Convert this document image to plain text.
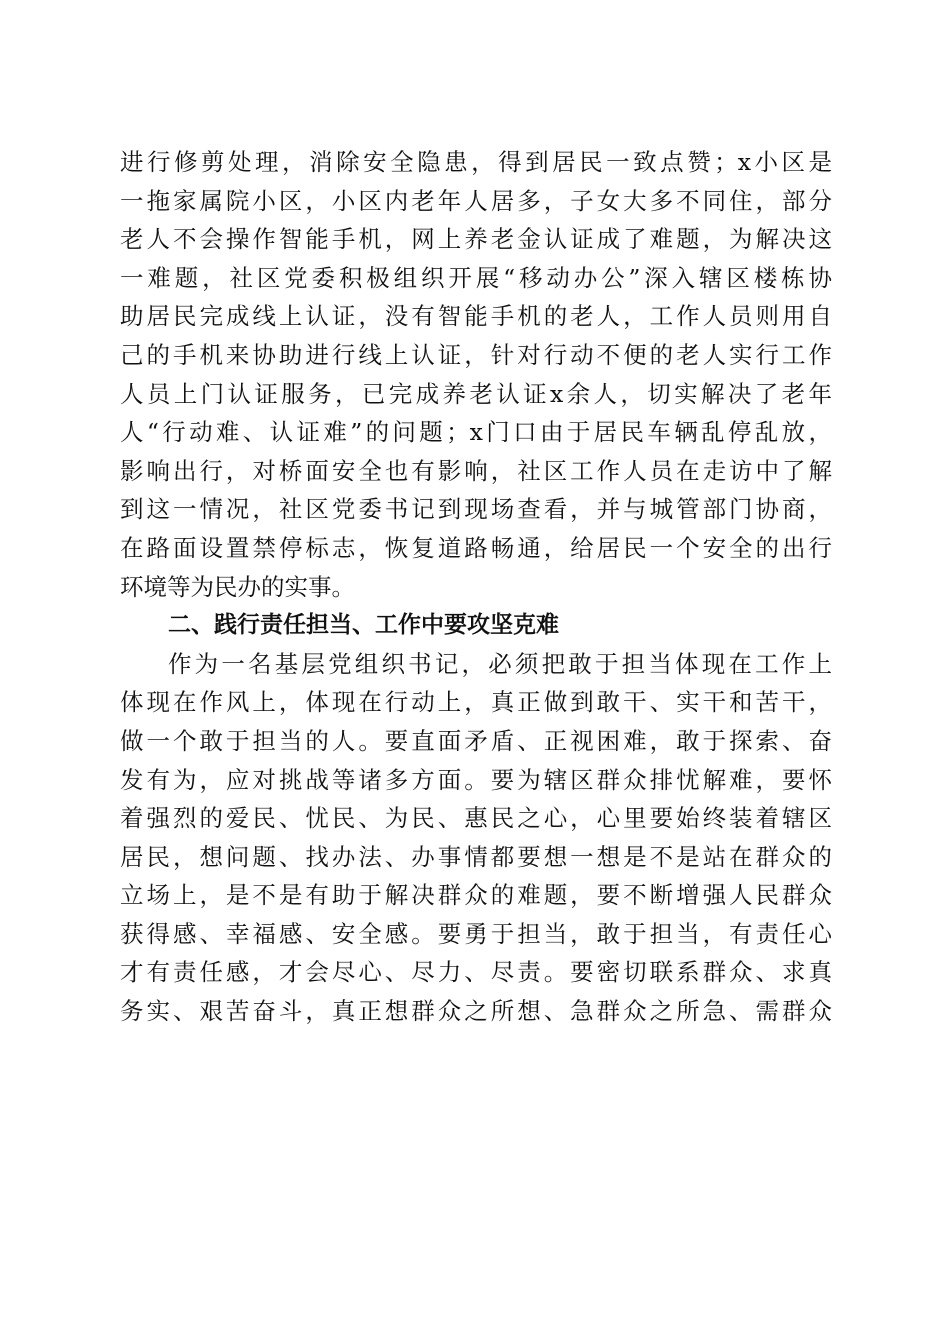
进行修剪处理，消除安全隐患，得到居民一致点赞；x小区是
一拖家属院小区，小区内老年人居多，子女大多不同住，部分
老人不会操作智能手机，网上养老金认证成了难题，为解决这
一难题，社区党委积极组织开展“移动办公”深入辖区楼栋协
助居民完成线上认证，没有智能手机的老人，工作人员则用自
己的手机来协助进行线上认证，针对行动不便的老人实行工作
人员上门认证服务，已完成养老认证x余人，切实解决了老年
人“行动难、认证难”的问题；x门口由于居民车辆乱停乱放，
影响出行，对桥面安全也有影响，社区工作人员在走访中了解
到这一情况，社区党委书记到现场查看，并与城管部门协商，
在路面设置禁停标志，恢复道路畅通，给居民一个安全的出行
环境等为民办的实事。
二、践行责任担当、工作中要攻坚克难
作为一名基层党组织书记，必须把敢于担当体现在工作上
体现在作风上，体现在行动上，真正做到敢干、实干和苦干，
做一个敢于担当的人。要直面矛盾、正视困难，敢于探索、奋
发有为，应对挑战等诸多方面。要为辖区群众排忧解难，要怀
着强烈的爱民、忧民、为民、惠民之心，心里要始终装着辖区
居民，想问题、找办法、办事情都要想一想是不是站在群众的
立场上，是不是有助于解决群众的难题，要不断增强人民群众
获得感、幸福感、安全感。要勇于担当，敢于担当，有责任心
才有责任感，才会尽心、尽力、尽责。要密切联系群众、求真
务实、艰苦奋斗，真正想群众之所想、急群众之所急、需群众
